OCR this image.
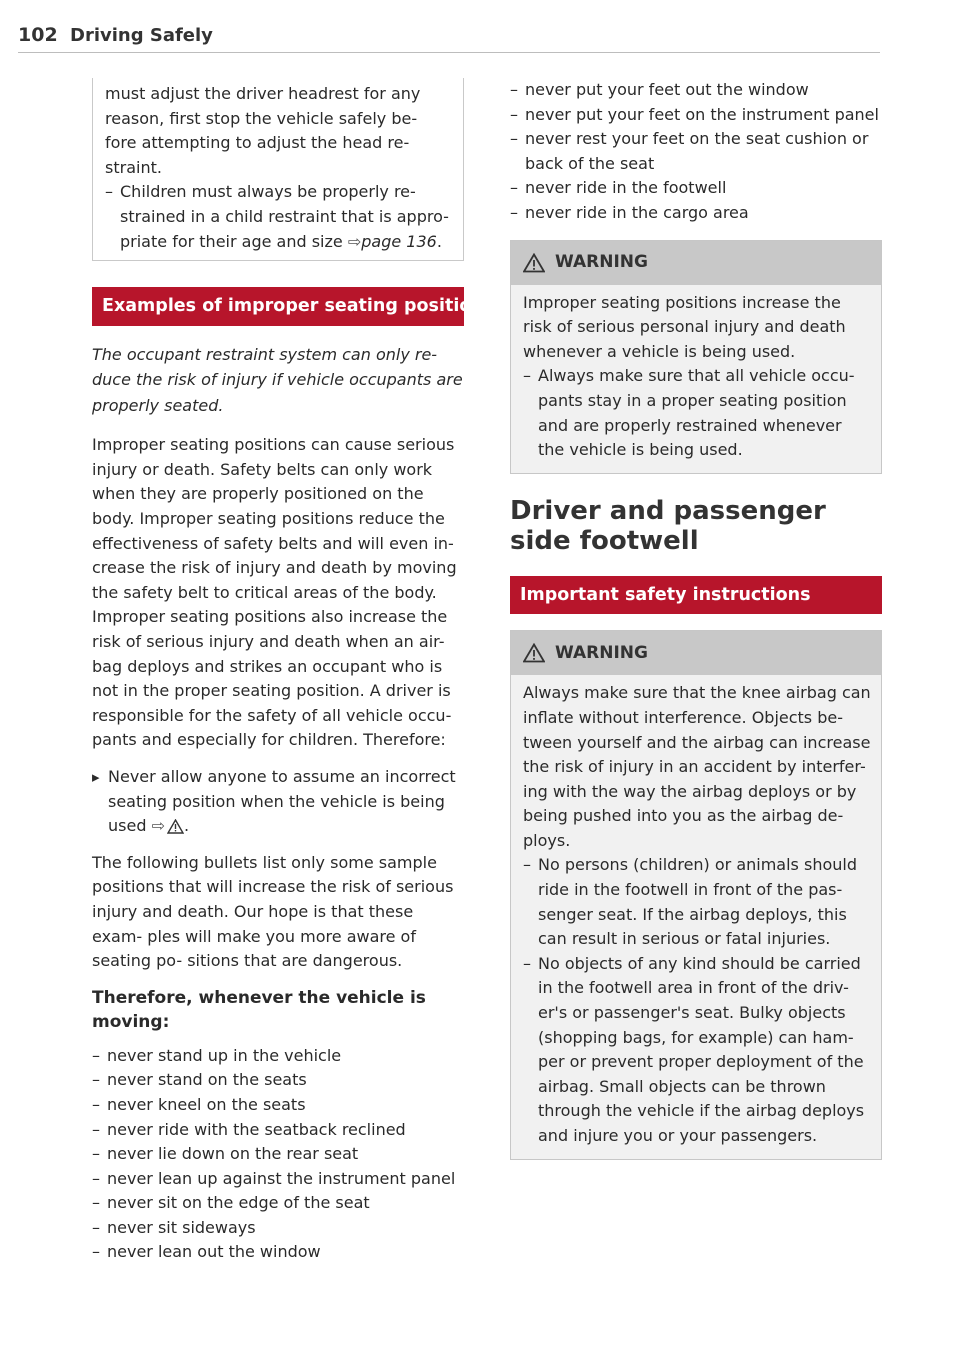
102 Driving Safely

must adjust the driver headrest for any

reason, first stop the vehicle safely be-

fore attempting to adjust the head re-

straint.

– Children must always be properly re- strained in a child restraint that is appro- priate for their age and size ⇨page 136.

Examples of improper seating positions

The occupant restraint system can only re- duce the risk of injury if vehicle occupants are properly seated.

Improper seating positions can cause serious injury or death. Safety belts can only work when they are properly positioned on the body. Improper seating positions reduce the effectiveness of safety belts and will even in- crease the risk of injury and death by moving the safety belt to critical areas of the body. Improper seating positions also increase the risk of serious injury and death when an air- bag deploys and strikes an occupant who is not in the proper seating position. A driver is responsible for the safety of all vehicle occu- pants and especially for children. Therefore:

▸ Never allow anyone to assume an incorrect seating position when the vehicle is being used ⇨ .

The following bullets list only some sample positions that will increase the risk of serious injury and death. Our hope is that these exam- ples will make you more aware of seating po- sitions that are dangerous.

Therefore, whenever the vehicle is moving:

– never stand up in the vehicle

– never stand on the seats

– never kneel on the seats

– never ride with the seatback reclined

– never lie down on the rear seat

– never lean up against the instrument panel

– never sit on the edge of the seat

– never sit sideways

– never lean out the window

– never put your feet out the window

– never put your feet on the instrument panel

– never rest your feet on the seat cushion or back of the seat

– never ride in the footwell

– never ride in the cargo area

WARNING

Improper seating positions increase the risk of serious personal injury and death whenever a vehicle is being used.

– Always make sure that all vehicle occu- pants stay in a proper seating position and are properly restrained whenever the vehicle is being used.

Driver and passenger
side footwell
Important safety instructions
WARNING

Always make sure that the knee airbag can inflate without interference. Objects be- tween yourself and the airbag can increase the risk of injury in an accident by interfer- ing with the way the airbag deploys or by being pushed into you as the airbag de- ploys.

– No persons (children) or animals should ride in the footwell in front of the pas- senger seat. If the airbag deploys, this can result in serious or fatal injuries.

– No objects of any kind should be carried in the footwell area in front of the driv- er's or passenger's seat. Bulky objects (shopping bags, for example) can ham- per or prevent proper deployment of the airbag. Small objects can be thrown through the vehicle if the airbag deploys and injure you or your passengers.
